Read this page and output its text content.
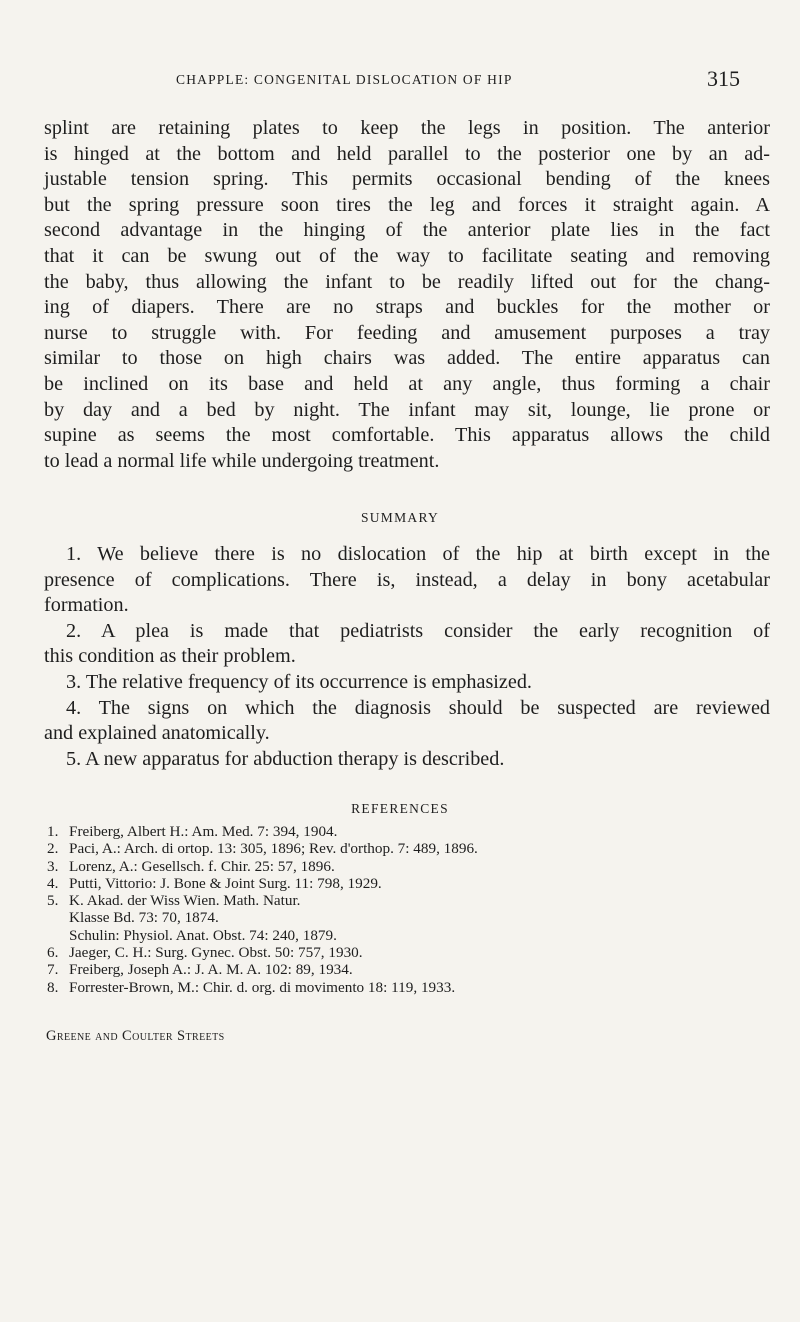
CHAPPLE: CONGENITAL DISLOCATION OF HIP	315
splint are retaining plates to keep the legs in position. The anterior
is hinged at the bottom and held parallel to the posterior one by an ad-
justable tension spring. This permits occasional bending of the knees
but the spring pressure soon tires the leg and forces it straight again. A
second advantage in the hinging of the anterior plate lies in the fact
that it can be swung out of the way to facilitate seating and removing
the baby, thus allowing the infant to be readily lifted out for the chang-
ing of diapers. There are no straps and buckles for the mother or
nurse to struggle with. For feeding and amusement purposes a tray
similar to those on high chairs was added. The entire apparatus can
be inclined on its base and held at any angle, thus forming a chair
by day and a bed by night. The infant may sit, lounge, lie prone or
supine as seems the most comfortable. This apparatus allows the child
to lead a normal life while undergoing treatment.
SUMMARY
1. We believe there is no dislocation of the hip at birth except in the
presence of complications. There is, instead, a delay in bony acetabular
formation.
2. A plea is made that pediatrists consider the early recognition of
this condition as their problem.
3. The relative frequency of its occurrence is emphasized.
4. The signs on which the diagnosis should be suspected are reviewed
and explained anatomically.
5. A new apparatus for abduction therapy is described.
REFERENCES
1. Freiberg, Albert H.: Am. Med. 7: 394, 1904.
2. Paci, A.: Arch. di ortop. 13: 305, 1896; Rev. d'orthop. 7: 489, 1896.
3. Lorenz, A.: Gesellsch. f. Chir. 25: 57, 1896.
4. Putti, Vittorio: J. Bone & Joint Surg. 11: 798, 1929.
5. K. Akad. der Wiss Wien. Math. Natur.
Klasse Bd. 73: 70, 1874.
Schulin: Physiol. Anat. Obst. 74: 240, 1879.
6. Jaeger, C. H.: Surg. Gynec. Obst. 50: 757, 1930.
7. Freiberg, Joseph A.: J. A. M. A. 102: 89, 1934.
8. Forrester-Brown, M.: Chir. d. org. di movimento 18: 119, 1933.
Greene and Coulter Streets
